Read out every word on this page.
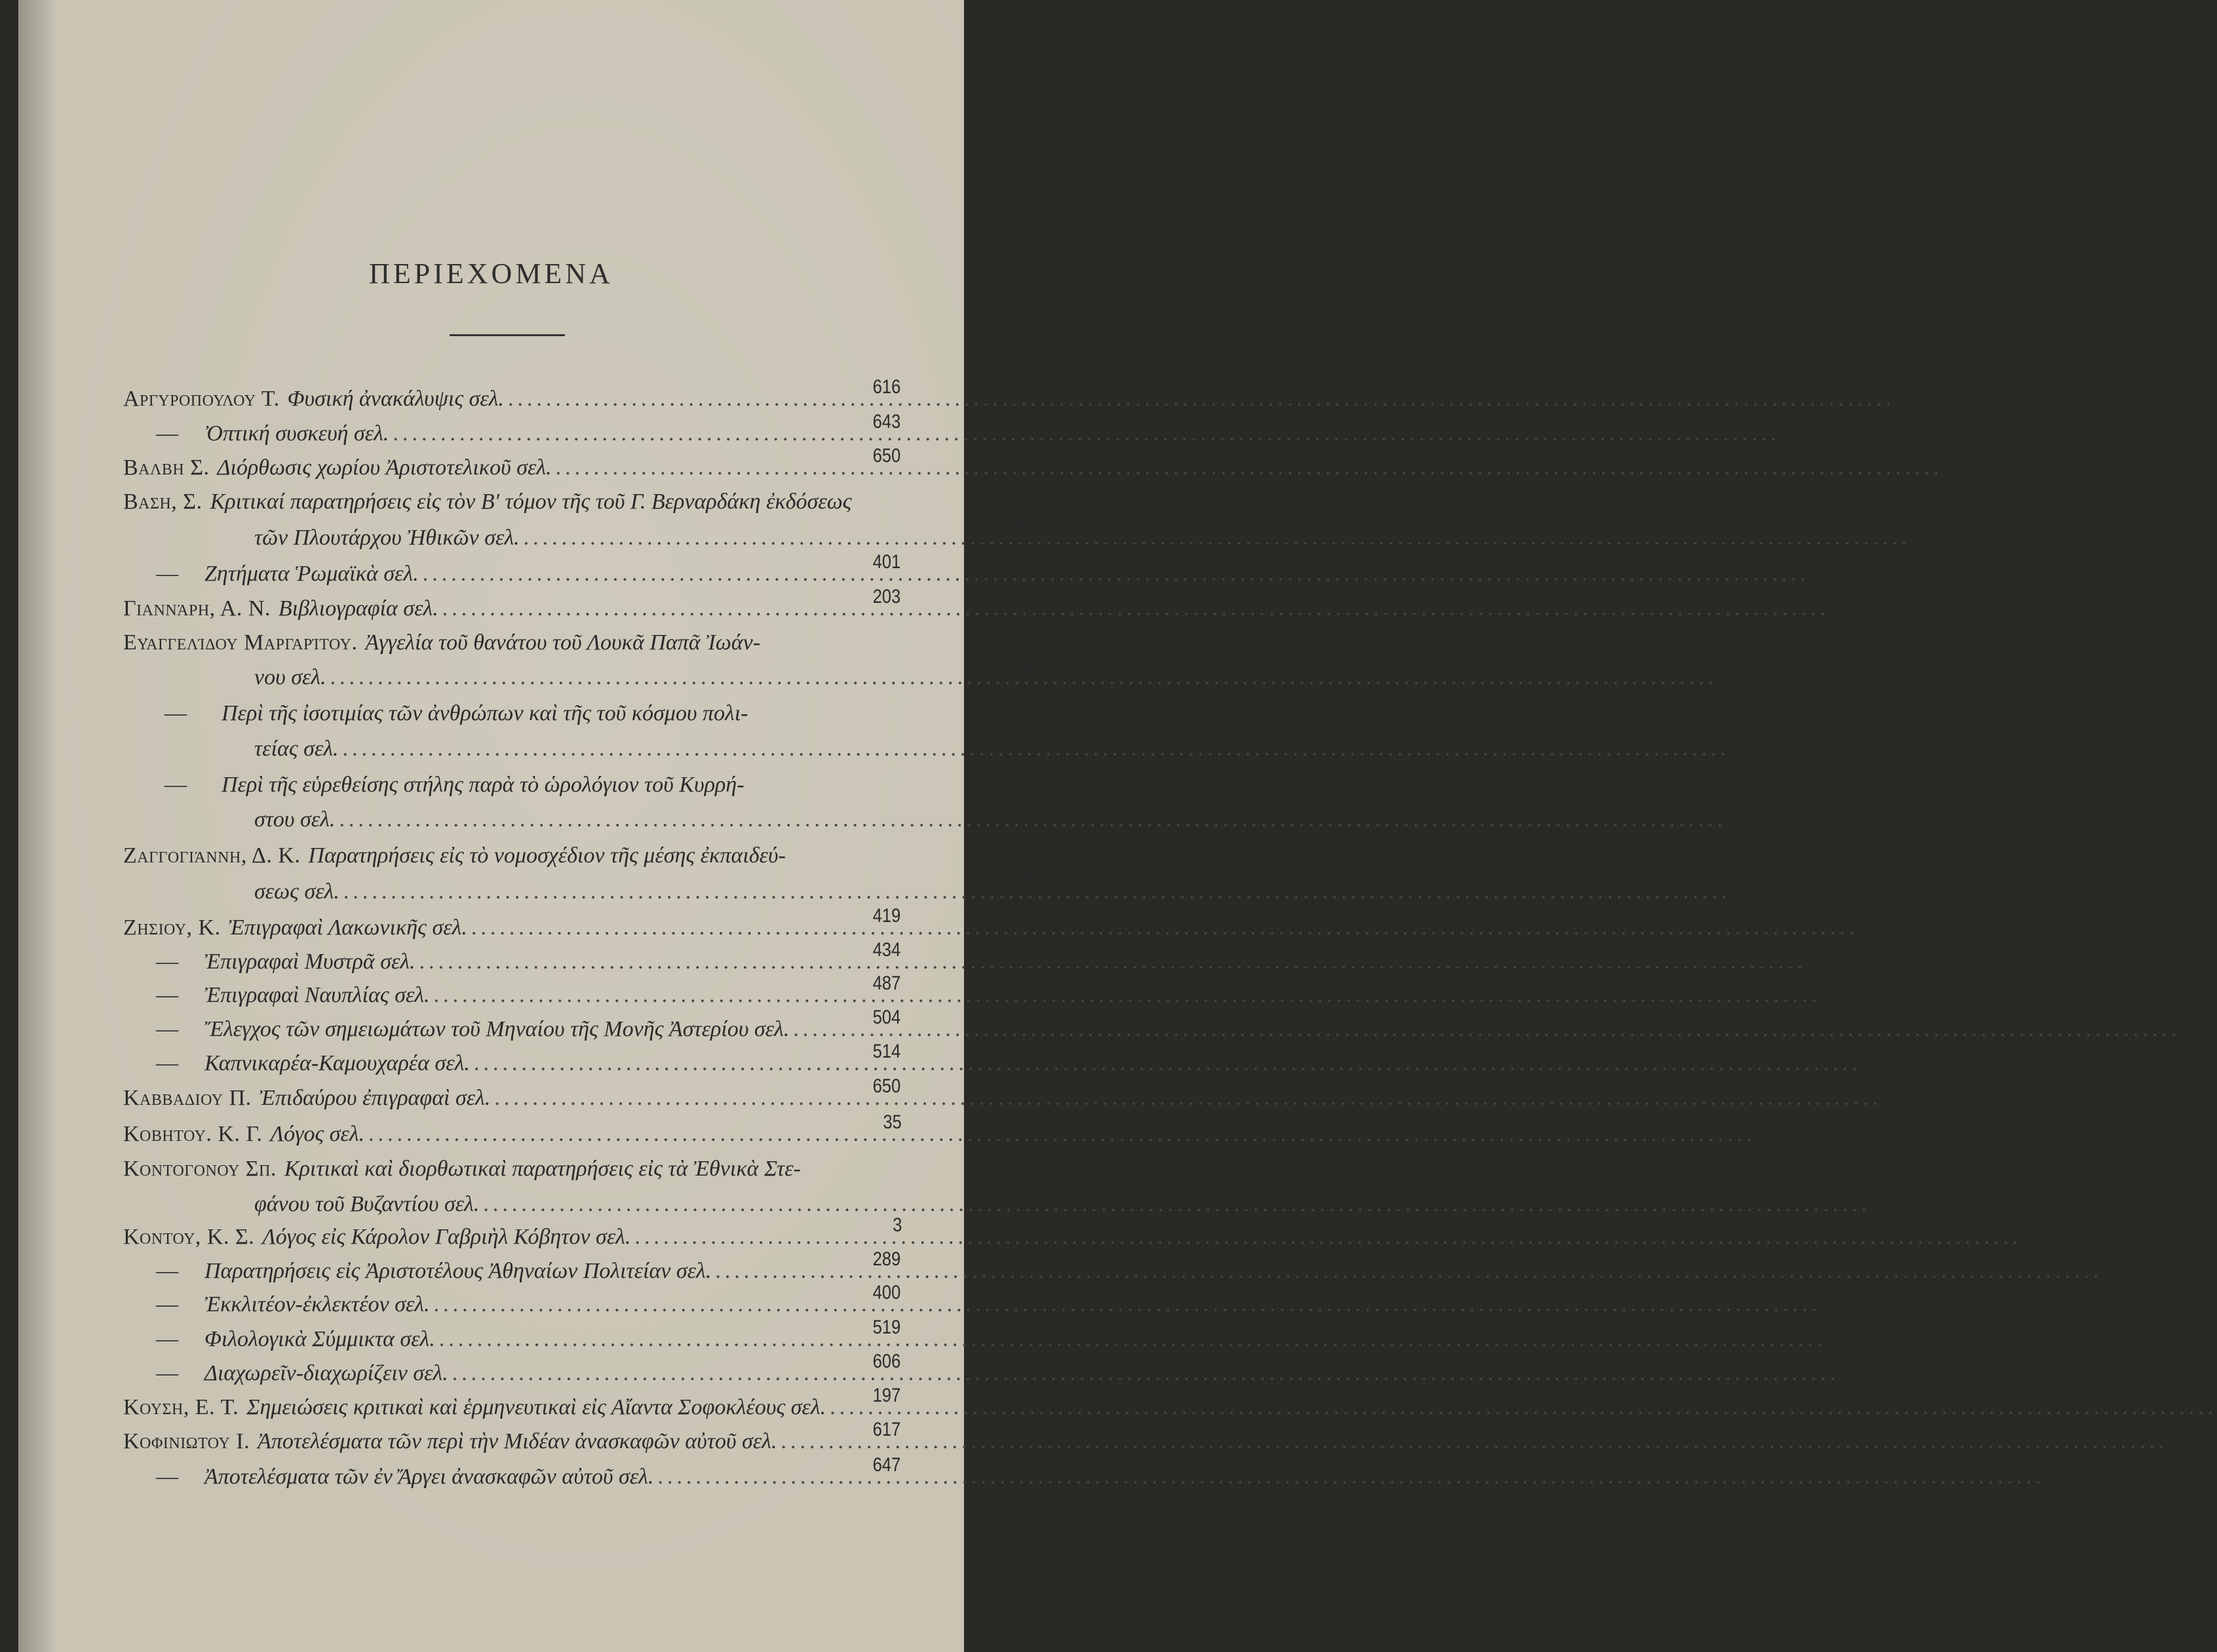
ΠΕΡΙΕΧΟΜΕΝΑ
Αργυροπουλου Τ. Φυσική ἀνακάλυψις σελ. .....	616
— Ὀπτική συσκευή σελ. .....	643
Βαλβη Σ. Διόρθωσις χωρίου Ἀριστοτελικοῦ σελ. .....	650
Βαση, Σ. Κριτικαί παρατηρήσεις εἰς τὸν Β′ τόμον τῆς τοῦ Γ. Βερναρδάκη ἐκδόσεως
τῶν Πλουτάρχου Ἠθικῶν σελ. .....	270.408
— Ζητήματα Ῥωμαϊκὰ σελ. .....	401
Γιαννάρη, Α. Ν. Βιβλιογραφία σελ. .....	203
Εὐαγγελίδου Μαργαρίτου. Ἀγγελία τοῦ θανάτου τοῦ Λουκᾶ Παπᾶ Ἰωάν-
νου σελ. .....	629
—	Περὶ τῆς ἰσοτιμίας τῶν ἀνθρώπων καὶ τῆς τοῦ κόσμου πολι-
τείας σελ. .....	647
—	Περὶ τῆς εὑρεθείσης στήλης παρὰ τὸ ὡρολόγιον τοῦ Κυρρή-
στου σελ. .....	662
Ζαγγογιάννη, Δ. Κ. Παρατηρήσεις εἰς τὸ νομοσχέδιον τῆς μέσης ἐκπαιδεύ-
σεως σελ. .....	39
Ζησιου, Κ. Ἐπιγραφαὶ Λακωνικῆς σελ. .....	419
— Ἐπιγραφαὶ Μυστρᾶ σελ. .....	434
— Ἐπιγραφαὶ Ναυπλίας σελ. .....	487
— Ἔλεγχος τῶν σημειωμάτων τοῦ Μηναίου τῆς Μονῆς Ἀστερίου σελ. .....	504
— Καπνικαρέα-Καμουχαρέα σελ. .....	514
Καββαδιου Π. Ἐπιδαύρου ἐπιγραφαὶ σελ. .....	650
Κοβητου. Κ. Γ. Λόγος σελ. .....	35
Κοντογονου Σπ. Κριτικαὶ καὶ διορθωτικαὶ παρατηρήσεις εἰς τὰ Ἐθνικὰ Στε-
φάνου τοῦ Βυζαντίου σελ. .....	625
Κοντου, Κ. Σ. Λόγος εἰς Κάρολον Γαβριὴλ Κόβητον σελ. .....	3
— Παρατηρήσεις εἰς Ἀριστοτέλους Ἀθηναίων Πολιτείαν σελ. .....	289
— Ἐκκλιτέον-ἐκλεκτέον σελ. .....	400
— Φιλολογικὰ Σύμμικτα σελ. .....	519
— Διαχωρεῖν-διαχωρίζειν σελ. .....	606
Κουση, Ε. Τ. Σημειώσεις κριτικαὶ καὶ ἑρμηνευτικαὶ εἰς Αἴαντα Σοφοκλέους σελ. ..... 197
Κοφινιωτου Ι. Ἀποτελέσματα τῶν περὶ τὴν Μιδέαν ἀνασκαφῶν αὐτοῦ σελ. .....	617
— Ἀποτελέσματα τῶν ἐν Ἄργει ἀνασκαφῶν αὐτοῦ σελ. .....	647
